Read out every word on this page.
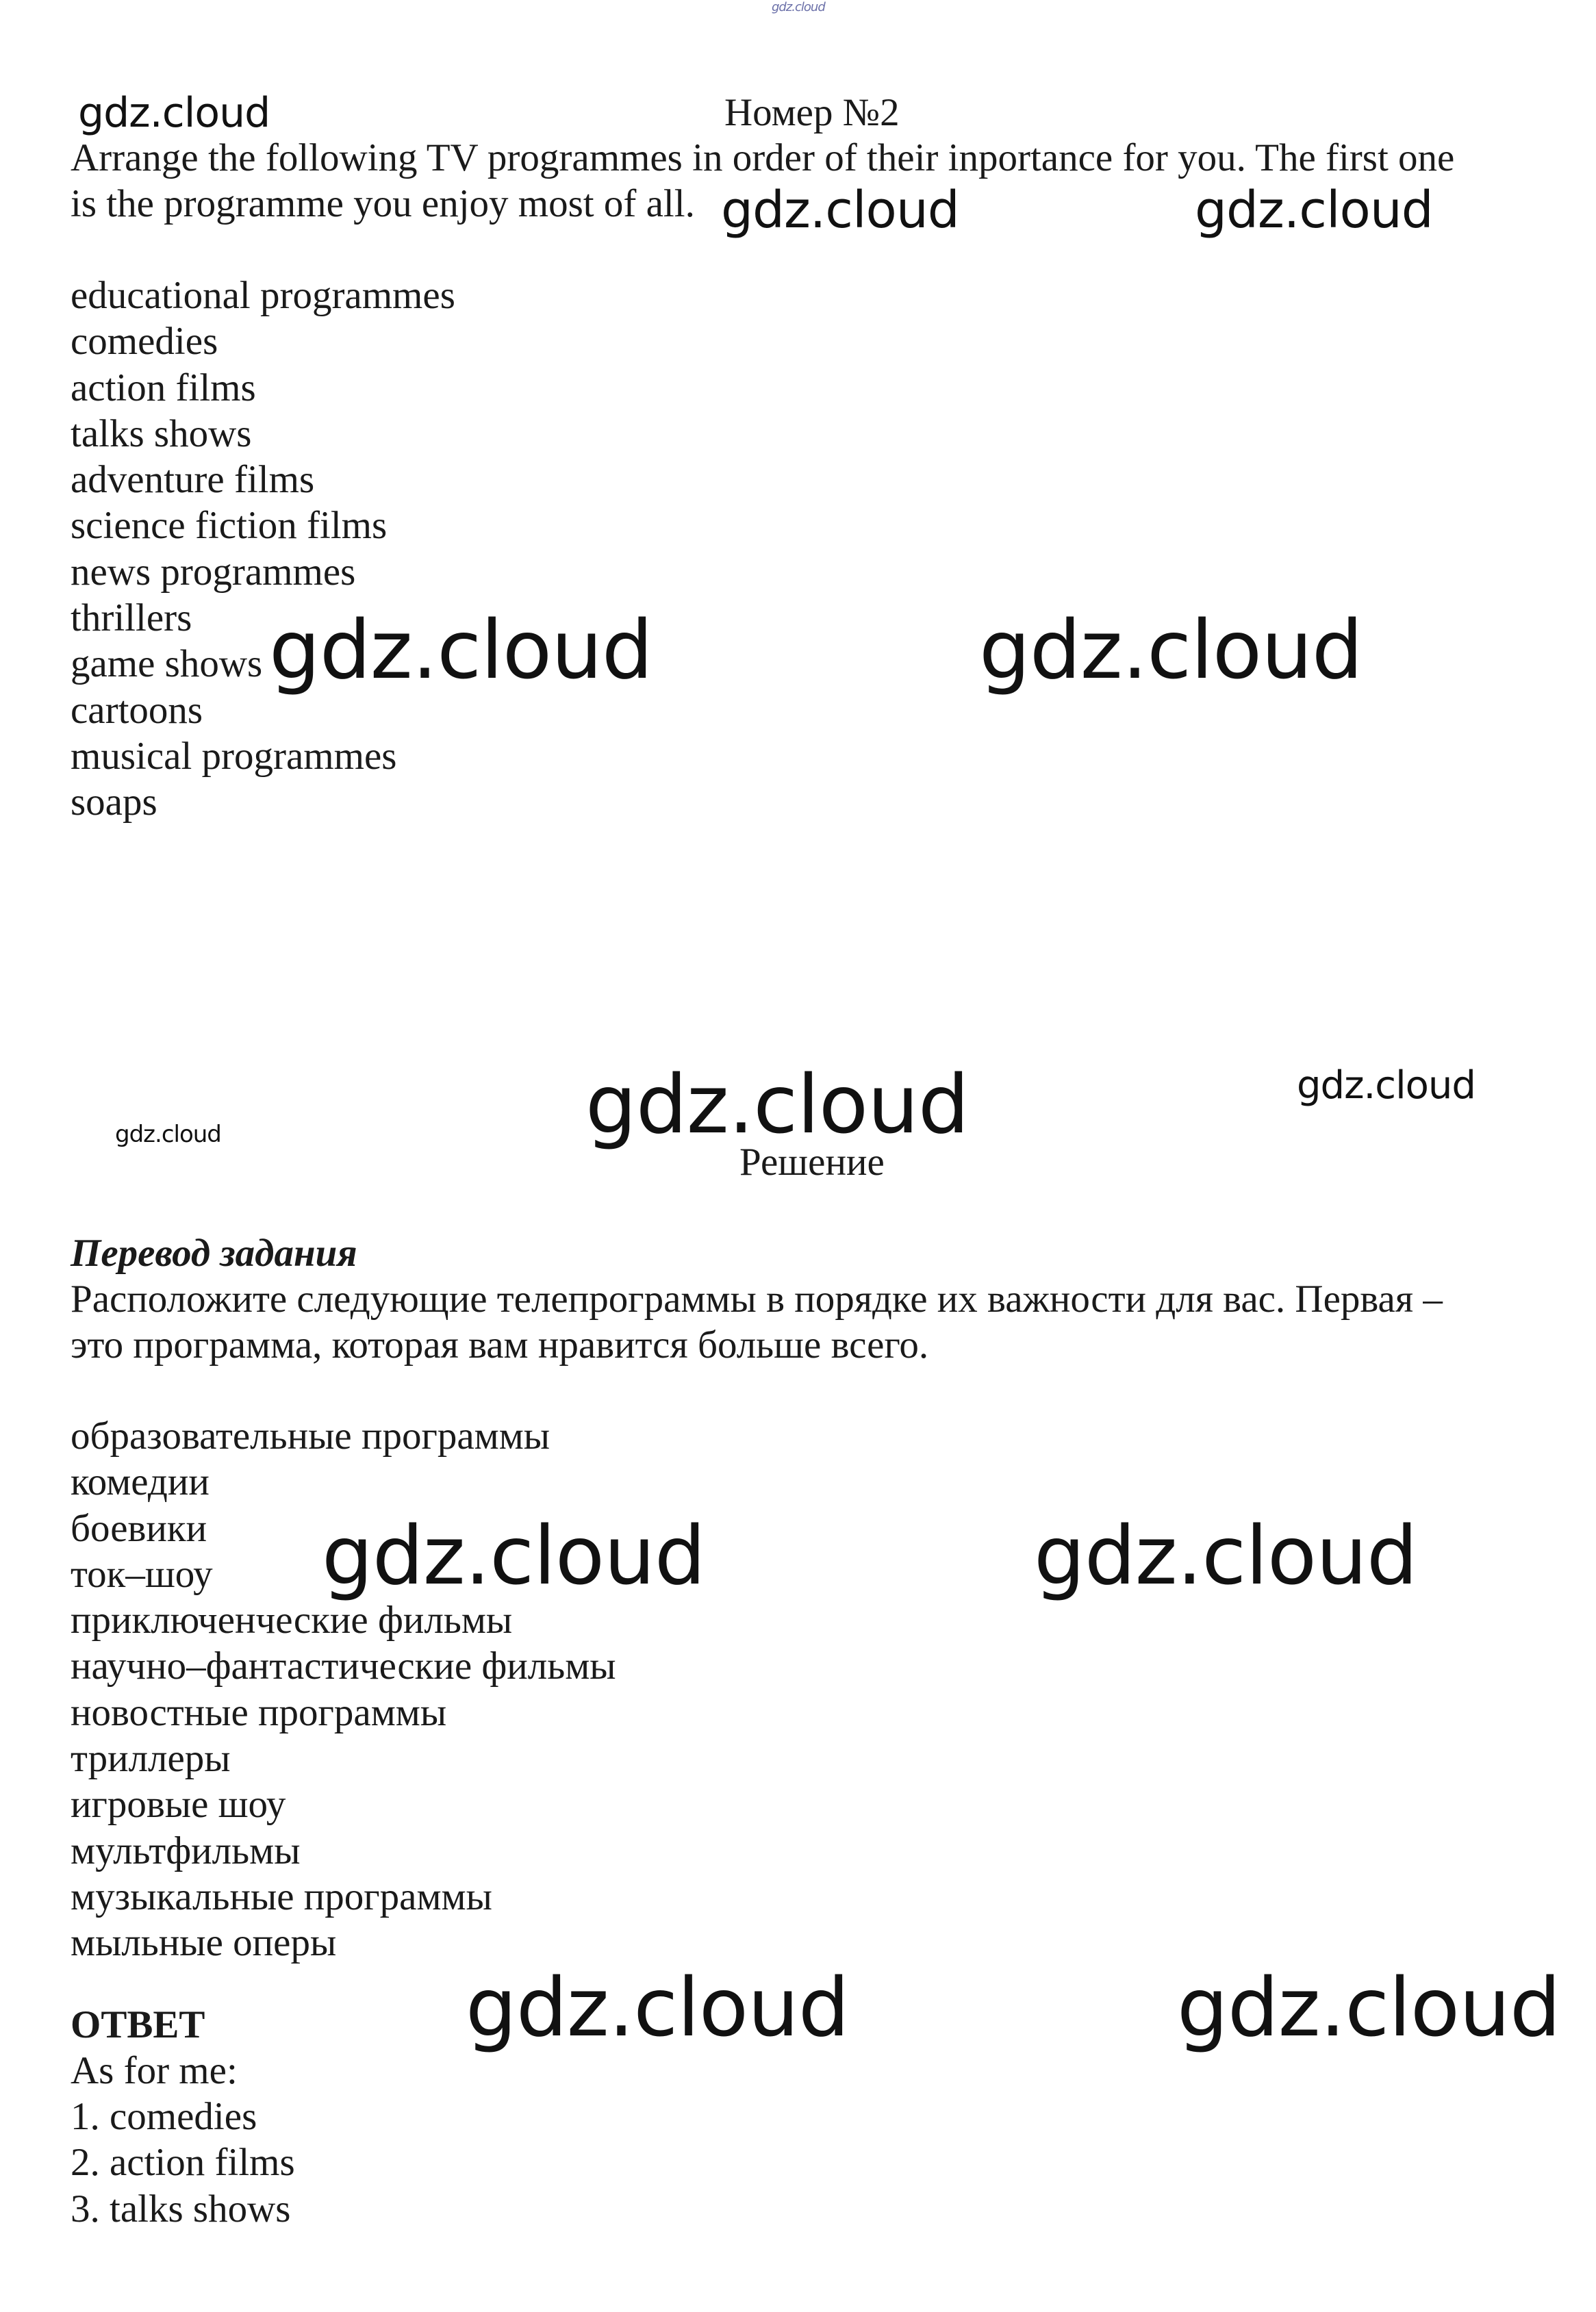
gdz.cloud
Номер №2
Arrange the following TV programmes in order of their inportance for you. The first one
is the programme you enjoy most of all.
educational programmes
comedies
action films
talks shows
adventure films
science fiction films
news programmes
thrillers
game shows
cartoons
musical programmes
soaps
Решение
Перевод задания
Расположите следующие телепрограммы в порядке их важности для вас. Первая –
это программа, которая вам нравится больше всего.
образовательные программы
комедии
боевики
ток–шоу
приключенческие фильмы
научно–фантастические фильмы
новостные программы
триллеры
игровые шоу
мультфильмы
музыкальные программы
мыльные оперы
ОТВЕТ
As for me:
1. comedies
2. action films
3. talks shows
gdz.cloud
gdz.cloud	gdz.cloud
gdz.cloud	gdz.cloud
gdz.cloud	gdz.cloud
gdz.cloud
gdz.cloud	gdz.cloud
gdz.cloud	gdz.cloud
